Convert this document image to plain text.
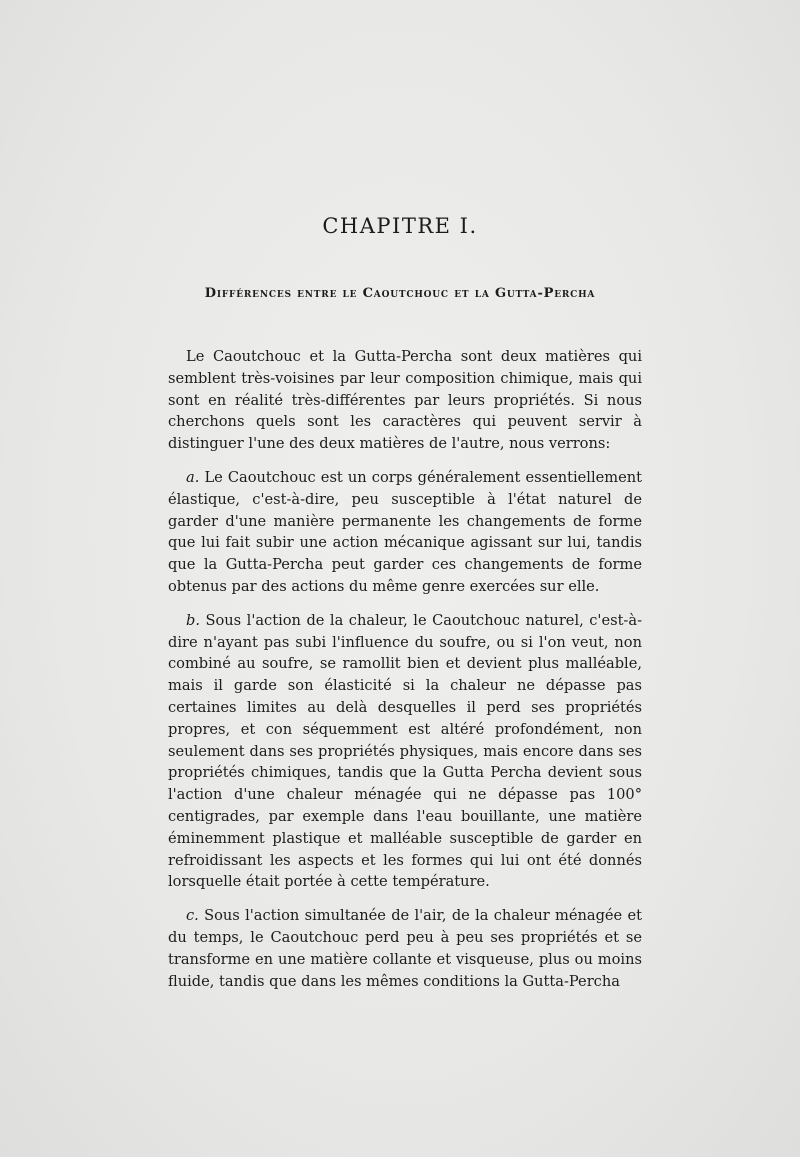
CHAPITRE I.
Différences entre le Caoutchouc et la Gutta-Percha

Le Caoutchouc et la Gutta-Percha sont deux matières qui semblent très-voisines par leur composition chimique, mais qui sont en réalité très-différentes par leurs propriétés. Si nous cherchons quels sont les caractères qui peuvent servir à distinguer l'une des deux matières de l'autre, nous verrons:

a. Le Caoutchouc est un corps généralement essentiellement élastique, c'est-à-dire, peu susceptible à l'état naturel de garder d'une manière permanente les changements de forme que lui fait subir une action mécanique agissant sur lui, tandis que la Gutta-Percha peut garder ces changements de forme obtenus par des actions du même genre exercées sur elle.

b. Sous l'action de la chaleur, le Caoutchouc naturel, c'est-à-dire n'ayant pas subi l'influence du soufre, ou si l'on veut, non combiné au soufre, se ramollit bien et devient plus malléable, mais il garde son élasticité si la chaleur ne dépasse pas certaines limites au delà desquelles il perd ses propriétés propres, et con séquemment est altéré profondément, non seulement dans ses propriétés physiques, mais encore dans ses propriétés chimiques, tandis que la Gutta Percha devient sous l'action d'une chaleur ménagée qui ne dépasse pas 100° centigrades, par exemple dans l'eau bouillante, une matière éminemment plastique et malléable susceptible de garder en refroidissant les aspects et les formes qui lui ont été donnés lorsquelle était portée à cette température.

c. Sous l'action simultanée de l'air, de la chaleur ménagée et du temps, le Caoutchouc perd peu à peu ses propriétés et se transforme en une matière collante et visqueuse, plus ou moins fluide, tandis que dans les mêmes conditions la Gutta-Percha
